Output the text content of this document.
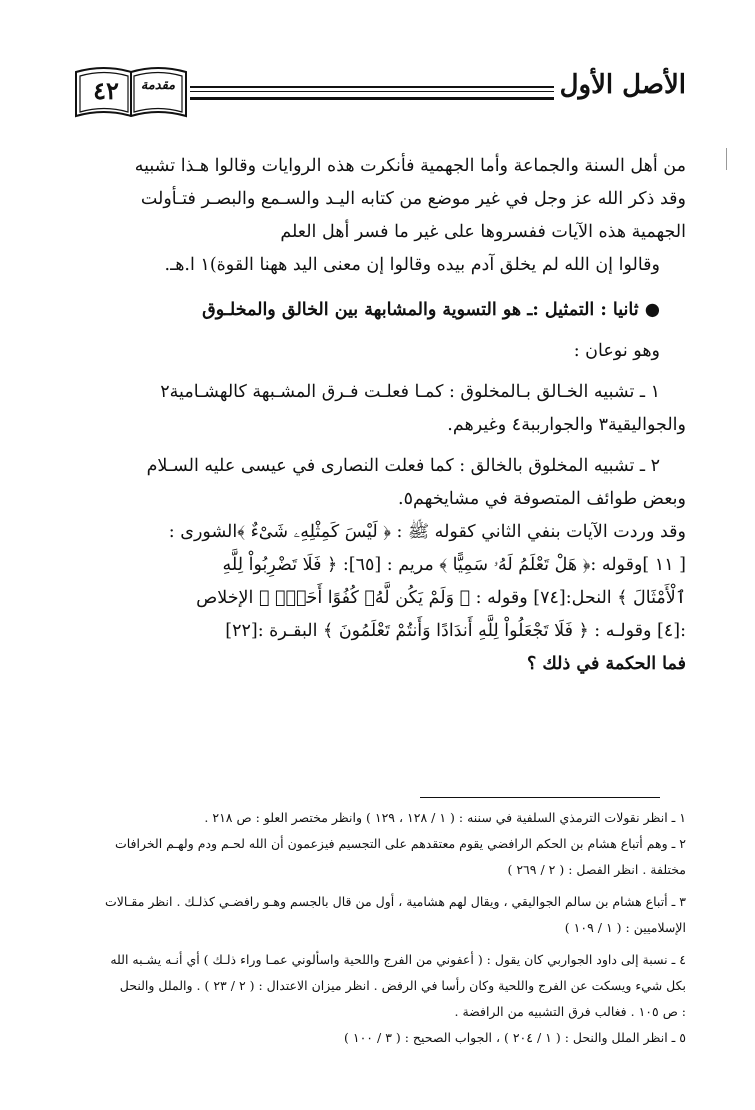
الأصل الأول
٤٢	مقدمة
من أهل السنة والجماعة وأما الجهمية فأنكرت هذه الروايات وقالوا هـذا تشبيه
وقد ذكر الله عز وجل في غير موضع من كتابه اليـد والسـمع والبصـر فتـأولت
الجهمية هذه الآيات ففسروها على غير ما فسر أهل العلم
وقالوا إن الله لم يخلق آدم بيده وقالوا إن معنى اليد ههنا القوة)١ ا.هـ.
● ثانيا : التمثيل :ـ هو التسوية والمشابهة بين الخالق والمخلـوق
وهو نوعان :
١ ـ تشبيه الخـالق بـالمخلوق : كمـا فعلـت فـرق المشـبهة كالهشـامية٢
والجواليقية٣ والجوارببة٤ وغيرهم.
٢ ـ تشبيه المخلوق بالخالق : كما فعلت النصارى في عيسى عليه السـلام
وبعض طوائف المتصوفة في مشايخهم٥.
وقد وردت الآيات بنفي الثاني كقوله ﷺ : ﴿ لَيْسَ كَمِثْلِهِۦ شَىْءٌ ﴾الشورى :
[ ١١ ]وقوله :﴿ هَلْ تَعْلَمُ لَهُۥ سَمِيًّا ﴾ مريم : [٦٥]: ﴿ فَلَا تَضْرِبُواْ لِلَّهِ
ٱلْأَمْثَالَ ﴾ النحل:[٧٤] وقوله : ﴿ وَلَمْ يَكُن لَّهُۥ كُفُوًا أَحَدٌۢ ﴾ الإخلاص
:[٤] وقولـه : ﴿ فَلَا تَجْعَلُواْ لِلَّهِ أَندَادًا وَأَنتُمْ تَعْلَمُونَ ﴾ البقـرة :[٢٢]
فما الحكمة في ذلك ؟
١ ـ انظر نقولات الترمذي السلفية في سننه : ( ١ / ١٢٨ ، ١٢٩ ) وانظر مختصر العلو : ص ٢١٨ .
٢ ـ وهم أتباع هشام بن الحكم الرافضي يقوم معتقدهم على التجسيم فيزعمون أن الله لحـم ودم ولهـم الخرافات
مختلفة . انظر الفصل : ( ٢ / ٢٦٩ )
٣ ـ أتباع هشام بن سالم الجواليقي ، ويقال لهم هشامية ، أول من قال بالجسم وهـو رافضـي كذلـك . انظر مقـالات
الإسلاميين : ( ١ / ١٠٩ )
٤ ـ نسبة إلى داود الجواربي كان يقول : ( أعفوني من الفرج واللحية واسألوني عمـا وراء ذلـك ) أي أنـه يشـبه الله
بكل شيء ويسكت عن الفرج واللحية وكان رأسا في الرفض . انظر ميزان الاعتدال : ( ٢ / ٢٣ ) . والملل والنحل
: ص ١٠٥ . فغالب فرق التشبيه من الرافضة .
٥ ـ انظر الملل والنحل : ( ١ / ٢٠٤ ) ، الجواب الصحيح : ( ٣ / ١٠٠ )
